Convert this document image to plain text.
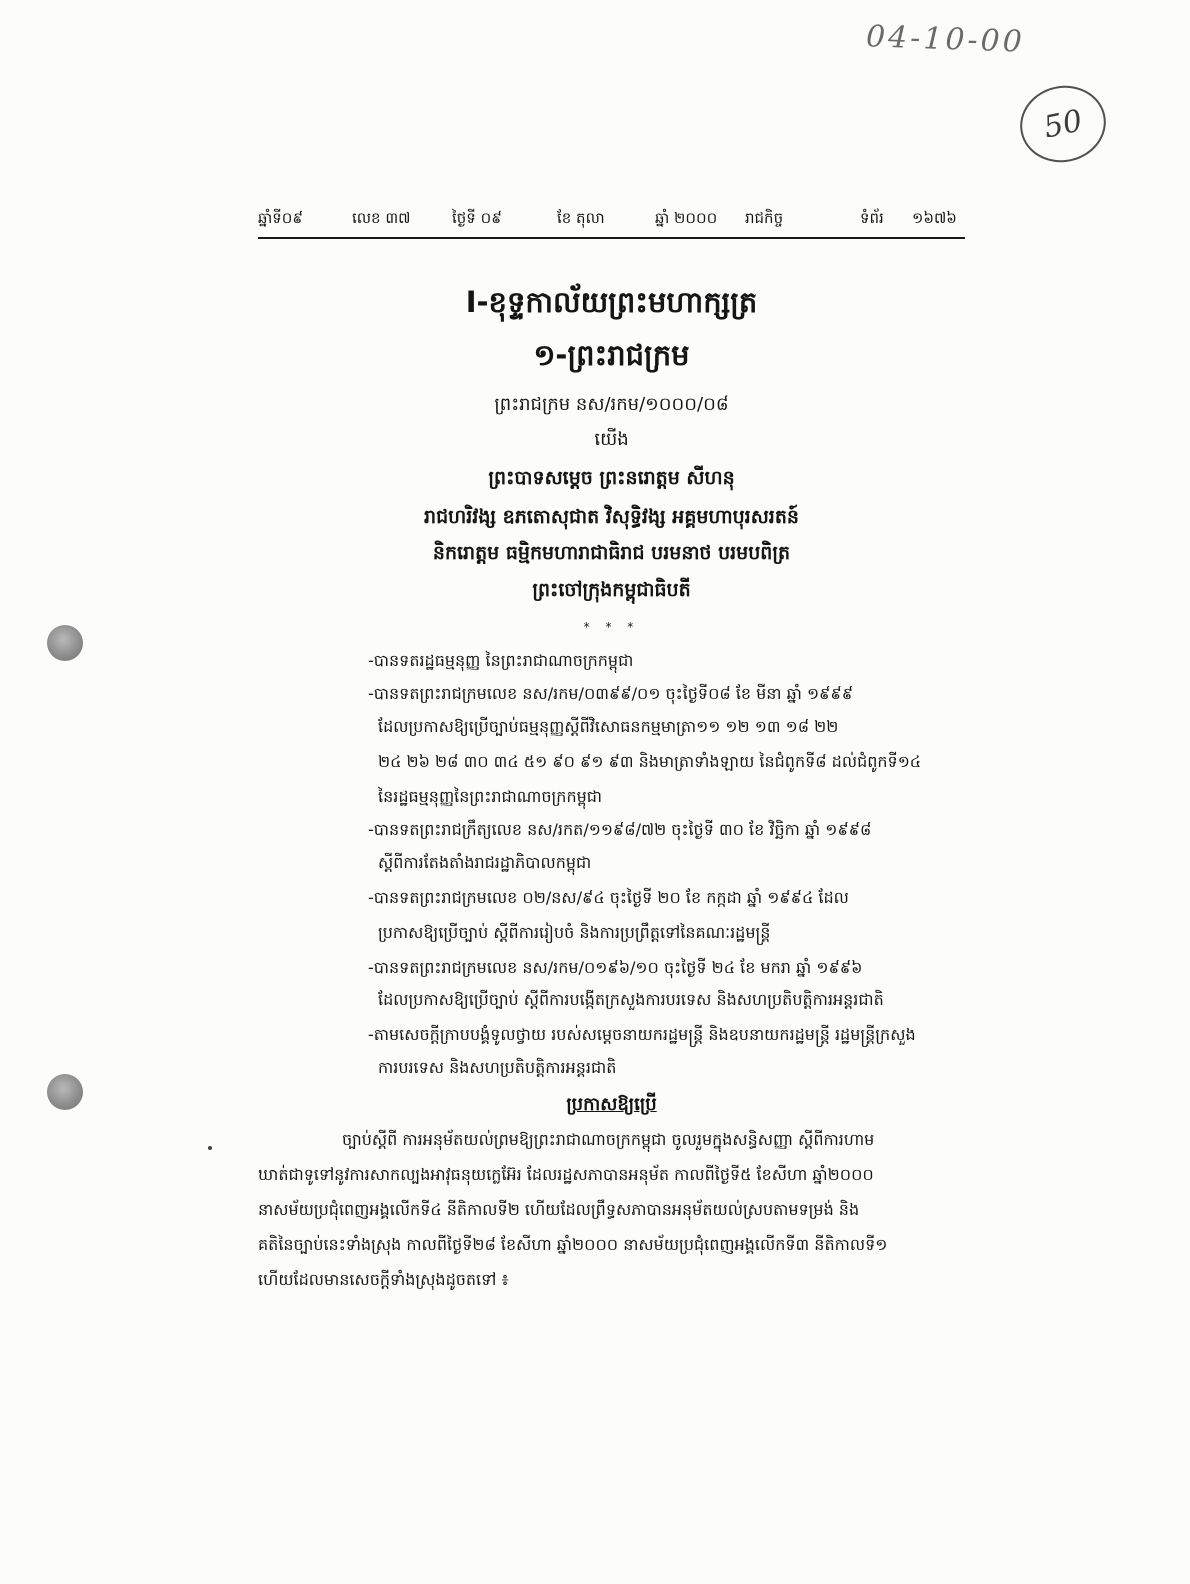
04-10-00
50
ឆ្នាំទី០៩	លេខ ៣៧	ថ្ងៃទី ០៩	ខែ តុលា	ឆ្នាំ ២០០០ រាជកិច្ច	ទំព័រ ១៦៧៦
I-ខុទ្ទកាល័យព្រះមហាក្សត្រ
១-ព្រះរាជក្រម
ព្រះរាជក្រម នស/រកម/១០០០/០៨
យើង
ព្រះបាទសម្តេច ព្រះនរោត្តម សីហនុ
រាជហរិវង្ស ឧភតោសុជាត វិសុទ្ធិវង្ស អគ្គមហាបុរសរតន៍
និករោត្តម ធម្មិកមហារាជាធិរាជ បរមនាថ បរមបពិត្រ
ព្រះចៅក្រុងកម្ពុជាធិបតី
* * *
-បានទតរដ្ឋធម្មនុញ្ញ នៃព្រះរាជាណាចក្រកម្ពុជា
-បានទតព្រះរាជក្រមលេខ នស/រកម/០៣៩៩/០១ ចុះថ្ងៃទី០៨ ខែ មីនា ឆ្នាំ ១៩៩៩
ដែលប្រកាសឱ្យប្រើច្បាប់ធម្មនុញ្ញស្តីពីវិសោធនកម្មមាត្រា១១ ១២ ១៣ ១៨ ២២
២៤ ២៦ ២៨ ៣០ ៣៤ ៥១ ៩០ ៩១ ៩៣ និងមាត្រាទាំងឡាយ នៃជំពូកទី៨ ដល់ជំពូកទី១៤
នៃរដ្ឋធម្មនុញ្ញនៃព្រះរាជាណាចក្រកម្ពុជា
-បានទតព្រះរាជក្រឹត្យលេខ នស/រកត/១១៩៨/៧២ ចុះថ្ងៃទី ៣០ ខែ វិច្ឆិកា ឆ្នាំ ១៩៩៨
ស្តីពីការតែងតាំងរាជរដ្ឋាភិបាលកម្ពុជា
-បានទតព្រះរាជក្រមលេខ ០២/នស/៩៤ ចុះថ្ងៃទី ២០ ខែ កក្កដា ឆ្នាំ ១៩៩៤ ដែល
ប្រកាសឱ្យប្រើច្បាប់ ស្តីពីការរៀបចំ និងការប្រព្រឹត្តទៅនៃគណៈរដ្ឋមន្ត្រី
-បានទតព្រះរាជក្រមលេខ នស/រកម/០១៩៦/១០ ចុះថ្ងៃទី ២៤ ខែ មករា ឆ្នាំ ១៩៩៦
ដែលប្រកាសឱ្យប្រើច្បាប់ ស្តីពីការបង្កើតក្រសួងការបរទេស និងសហប្រតិបត្តិការអន្តរជាតិ
-តាមសេចក្តីក្រាបបង្គំទូលថ្វាយ របស់សម្តេចនាយករដ្ឋមន្ត្រី និងឧបនាយករដ្ឋមន្ត្រី រដ្ឋមន្ត្រីក្រសួង
ការបរទេស និងសហប្រតិបត្តិការអន្តរជាតិ
ប្រកាសឱ្យប្រើ
ច្បាប់ស្តីពី ការអនុម័តយល់ព្រមឱ្យព្រះរាជាណាចក្រកម្ពុជា ចូលរួមក្នុងសន្ធិសញ្ញា ស្តីពីការហាម
ឃាត់ជាទូទៅនូវការសាកល្បងអាវុធនុយក្លេអ៊ែរ ដែលរដ្ឋសភាបានអនុម័ត កាលពីថ្ងៃទី៥ ខែសីហា ឆ្នាំ២០០០
នាសម័យប្រជុំពេញអង្គលើកទី៤ នីតិកាលទី២ ហើយដែលព្រឹទ្ធសភាបានអនុម័តយល់ស្របតាមទម្រង់ និង
គតិនៃច្បាប់នេះទាំងស្រុង កាលពីថ្ងៃទី២៨ ខែសីហា ឆ្នាំ២០០០ នាសម័យប្រជុំពេញអង្គលើកទី៣ នីតិកាលទី១
ហើយដែលមានសេចក្តីទាំងស្រុងដូចតទៅ ៖
